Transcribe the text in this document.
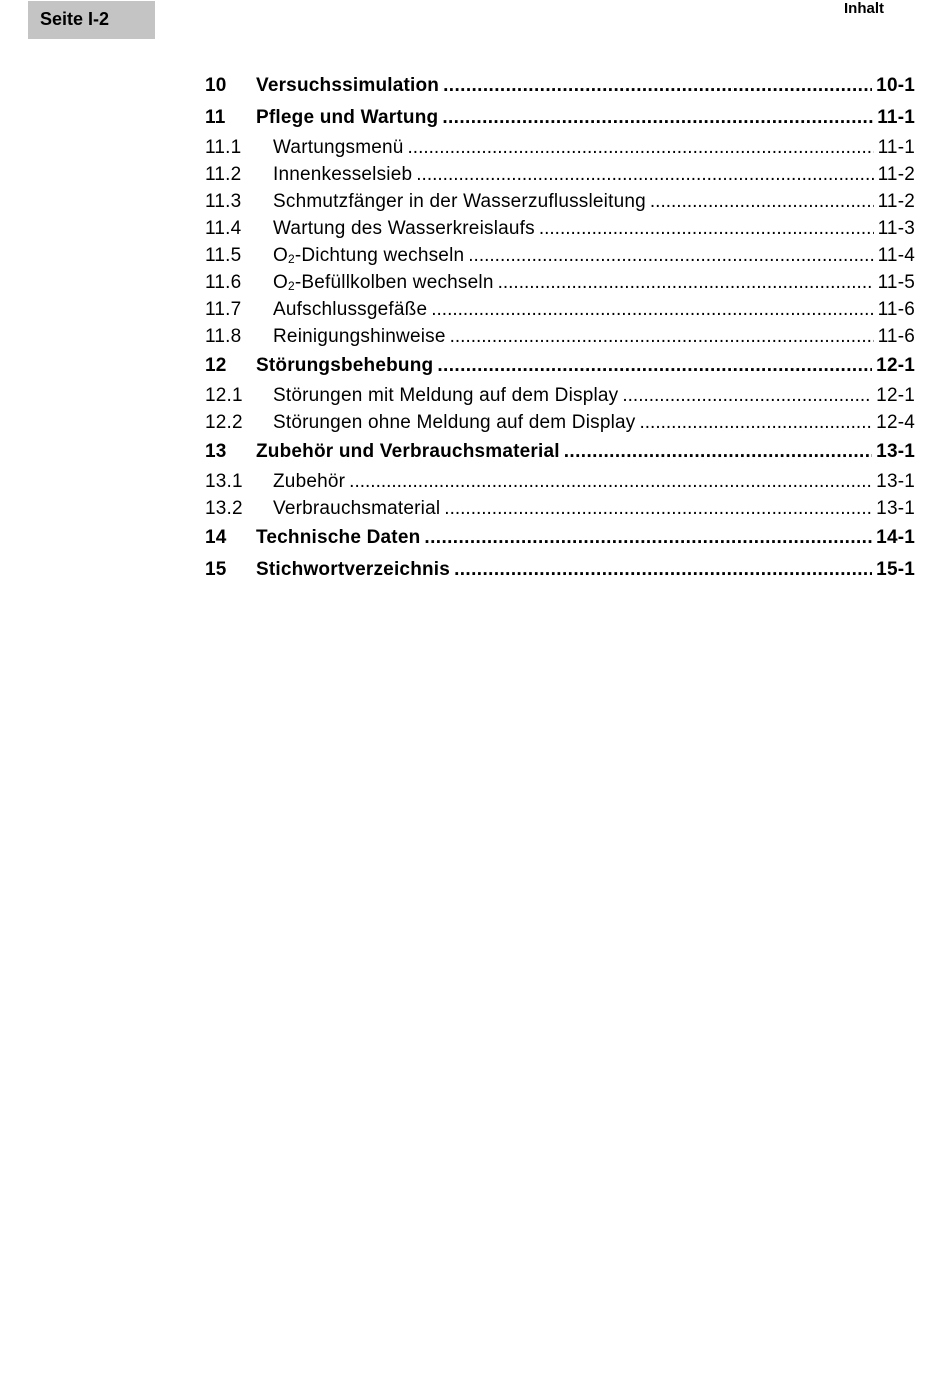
Seite I-2
Inhalt
10	Versuchssimulation .....	10-1
11	Pflege und Wartung .....	11-1
11.1	Wartungsmenü .....	11-1
11.2	Innenkesselsieb .....	11-2
11.3	Schmutzfänger in der Wasserzuflussleitung .....	11-2
11.4	Wartung des Wasserkreislaufs .....	11-3
11.5	$O_2$-Dichtung wechseln .....	11-4
11.6	$O_2$-Befüllkolben wechseln .....	11-5
11.7	Aufschlussgefäße .....	11-6
11.8	Reinigungshinweise .....	11-6
12	Störungsbehebung .....	12-1
12.1	Störungen mit Meldung auf dem Display .....	12-1
12.2	Störungen ohne Meldung auf dem Display .....	12-4
13	Zubehör und Verbrauchsmaterial .....	13-1
13.1	Zubehör .....	13-1
13.2	Verbrauchsmaterial .....	13-1
14	Technische Daten .....	14-1
15	Stichwortverzeichnis .....	15-1
